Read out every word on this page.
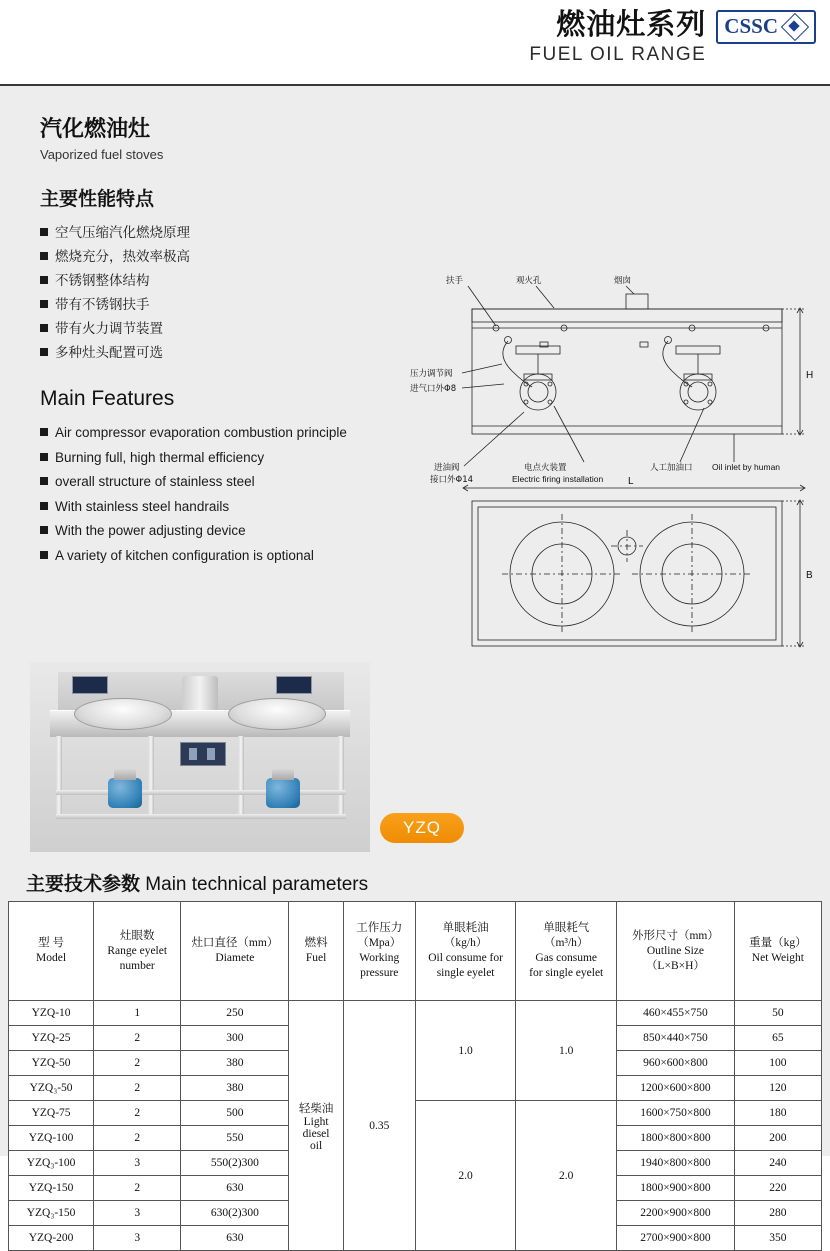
燃油灶系列
FUEL OIL RANGE
CSSC
汽化燃油灶
Vaporized fuel stoves
主要性能特点
空气压缩汽化燃烧原理
燃烧充分，热效率极高
不锈钢整体结构
带有不锈钢扶手
带有火力调节装置
多种灶头配置可选
Main Features
Air compressor evaporation combustion principle
Burning full, high thermal efficiency
overall structure of stainless steel
With stainless steel handrails
With the power adjusting device
A variety of kitchen configuration is optional
YZQ
扶手	观火孔	烟囱
压力调节阀
进气口外Φ8
进油阀
接口外Φ14
电点火装置
Electric firing installation
人工加油口 Oil inlet by human
H
L
B
主要技术参数 Main technical parameters
型 号
Model	灶眼数
Range eyelet
number	灶口直径（mm）
Diamete	燃料
Fuel	工作压力
（Mpa）
Working
pressure	单眼耗油
（kg/h）
Oil consume for
single eyelet	单眼耗气
（m³/h）
Gas consume
for single eyelet	外形尺寸（mm）
Outline Size
（L×B×H）	重量（kg）
Net Weight

YZQ-10	1	250	轻柴油
Light
diesel
oil	0.35	1.0	1.0	460×455×750	50
YZQ-25	2	300					850×440×750	65
YZQ-50	2	380					960×600×800	100
YZQ₃-50	2	380					1200×600×800	120
YZQ-75	2	500			2.0	2.0	1600×750×800	180
YZQ-100	2	550					1800×800×800	200
YZQ₃-100	3	550(2)300					1940×800×800	240
YZQ-150	2	630					1800×900×800	220
YZQ₃-150	3	630(2)300					2200×900×800	280
YZQ-200	3	630					2700×900×800	350
